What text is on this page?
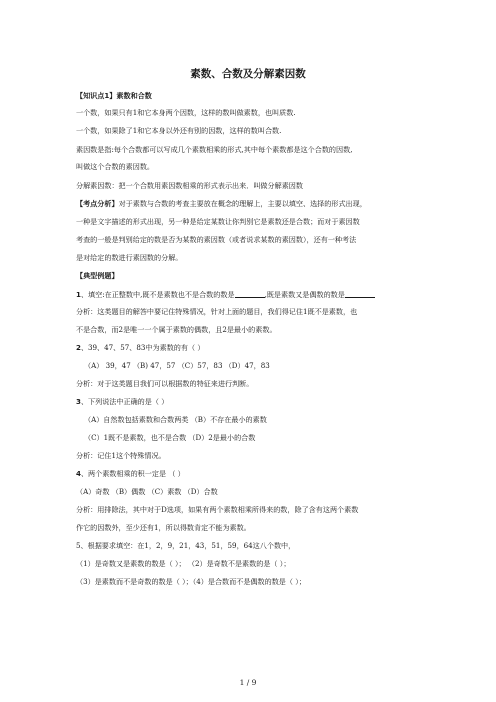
素数、合数及分解素因数
【知识点1】素数和合数
一个数，如果只有1和它本身两个因数，这样的数叫做素数，也叫质数.
一个数，如果除了1和它本身以外还有别的因数，这样的数叫合数.
素因数是指:每个合数都可以写成几个素数相乘的形式,其中每个素数都是这个合数的因数,
叫做这个合数的素因数。
分解素因数：把一个合数用素因数相乘的形式表示出来．叫做分解素因数
【考点分析】对于素数与合数的考查主要放在概念的理解上，主要以填空、选择的形式出现，
一种是文字描述的形式出现，另一种是给定某数让你判别它是素数还是合数；而对于素因数
考查的一般是判别给定的数是否为某数的素因数（或者说求某数的素因数），还有一种考法
是对给定的数进行素因数的分解。
【典型例题】
1、填空:在正整数中,既不是素数也不是合数的数是	,既是素数又是偶数的数是
分析：这类题目的解答中要记住特殊情况，针对上面的题目，我们得记住1既不是素数，也
不是合数，而2是唯一一个属于素数的偶数，且2是最小的素数。
2、39、47、57、83中为素数的有（ ）
（A） 39，47 （B) 47，57 （C）57，83 （D）47，83
分析：对于这类题目我们可以根据数的特征来进行判断。
3、下列说法中正确的是（ ）
（A）自然数包括素数和合数两类 （B）不存在最小的素数
（C）1既不是素数，也不是合数 （D）2是最小的合数
分析：记住1这个特殊情况。
4、两个素数相乘的积一定是 （ ）
（A）奇数 （B）偶数 （C）素数 （D）合数
分析：用排除法，其中对于D选项，如果有两个素数相乘所得来的数，除了含有这两个素数
作它的因数外，至少还有1，所以得数肯定不能为素数。
5、根据要求填空：在1，2，9，21，43，51，59，64这八个数中，
（1）是奇数又是素数的数是（ ）； （2）是奇数不是素数的是（ ）；
（3）是素数而不是奇数的数是（ ）；（4）是合数而不是偶数的数是（ ）；
1 / 9
